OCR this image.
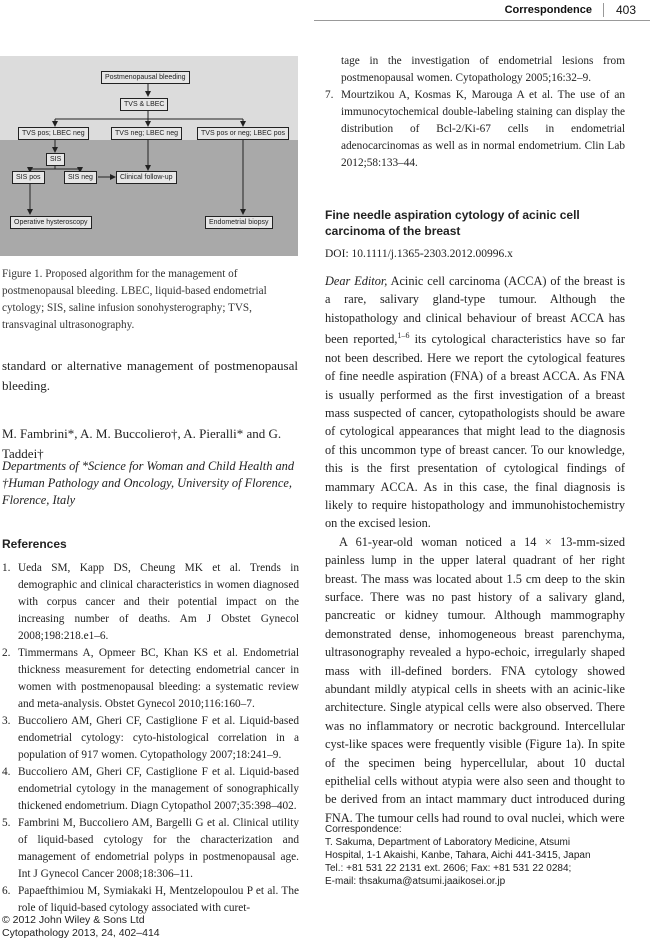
Correspondence 403
Postmenopausal bleeding
TVS & LBEC
TVS pos; LBEC neg	TVS neg; LBEC neg	TVS pos or neg; LBEC pos
SIS
SIS pos	SIS neg	Clinical follow-up
Operative hysteroscopy	Endometrial biopsy
Figure 1. Proposed algorithm for the management of postmenopausal bleeding. LBEC, liquid-based endometrial cytology; SIS, saline infusion sonohysterography; TVS, transvaginal ultrasonography.
standard or alternative management of postmenopausal bleeding.
M. Fambrini*, A. M. Buccoliero†, A. Pieralli* and G. Taddei†
Departments of *Science for Woman and Child Health and †Human Pathology and Oncology, University of Florence, Florence, Italy
References
1. Ueda SM, Kapp DS, Cheung MK et al. Trends in demographic and clinical characteristics in women diagnosed with corpus cancer and their potential impact on the increasing number of deaths. Am J Obstet Gynecol 2008;198:218.e1–6.
2. Timmermans A, Opmeer BC, Khan KS et al. Endometrial thickness measurement for detecting endometrial cancer in women with postmenopausal bleeding: a systematic review and meta-analysis. Obstet Gynecol 2010;116:160–7.
3. Buccoliero AM, Gheri CF, Castiglione F et al. Liquid-based endometrial cytology: cyto-histological correlation in a population of 917 women. Cytopathology 2007;18:241–9.
4. Buccoliero AM, Gheri CF, Castiglione F et al. Liquid-based endometrial cytology in the management of sonographically thickened endometrium. Diagn Cytopathol 2007;35:398–402.
5. Fambrini M, Buccoliero AM, Bargelli G et al. Clinical utility of liquid-based cytology for the characterization and management of endometrial polyps in postmenopausal age. Int J Gynecol Cancer 2008;18:306–11.
6. Papaefthimiou M, Symiakaki H, Mentzelopoulou P et al. The role of liquid-based cytology associated with curet-
© 2012 John Wiley & Sons Ltd
Cytopathology 2013, 24, 402–414
tage in the investigation of endometrial lesions from postmenopausal women. Cytopathology 2005;16:32–9.
7. Mourtzikou A, Kosmas K, Marouga A et al. The use of an immunocytochemical double-labeling staining can display the distribution of Bcl-2/Ki-67 cells in endometrial adenocarcinomas as well as in normal endometrium. Clin Lab 2012;58:133–44.
Fine needle aspiration cytology of acinic cell carcinoma of the breast
DOI: 10.1111/j.1365-2303.2012.00996.x

Dear Editor, Acinic cell carcinoma (ACCA) of the breast is a rare, salivary gland-type tumour. Although the histopathology and clinical behaviour of breast ACCA has been reported,$^{1-6}$ its cytological characteristics have so far not been described. Here we report the cytological features of fine needle aspiration (FNA) of a breast ACCA. As FNA is usually performed as the first investigation of a breast mass suspected of cancer, cytopathologists should be aware of cytological appearances that might lead to the diagnosis of this uncommon type of breast cancer. To our knowledge, this is the first presentation of cytological findings of mammary ACCA. As in this case, the final diagnosis is likely to require histopathology and immunohistochemistry on the excised lesion.

A 61-year-old woman noticed a 14 × 13-mm-sized painless lump in the upper lateral quadrant of her right breast. The mass was located about 1.5 cm deep to the skin surface. There was no past history of a salivary gland, pancreatic or kidney tumour. Although mammography demonstrated dense, inhomogeneous breast parenchyma, ultrasonography revealed a hypo-echoic, irregularly shaped mass with ill-defined borders. FNA cytology showed abundant mildly atypical cells in sheets with an acinic-like architecture. Single atypical cells were also observed. There was no inflammatory or necrotic background. Intercellular cyst-like spaces were frequently visible (Figure 1a). In spite of the specimen being hypercellular, about 10 ductal epithelial cells without atypia were also seen and thought to be derived from an intact mammary duct introduced during FNA. The tumour cells had round to oval nuclei, which were

Correspondence:
T. Sakuma, Department of Laboratory Medicine, Atsumi
Hospital, 1-1 Akaishi, Kanbe, Tahara, Aichi 441-3415, Japan
Tel.: +81 531 22 2131 ext. 2606; Fax: +81 531 22 0284;
E-mail: thsakuma@atsumi.jaaikosei.or.jp
